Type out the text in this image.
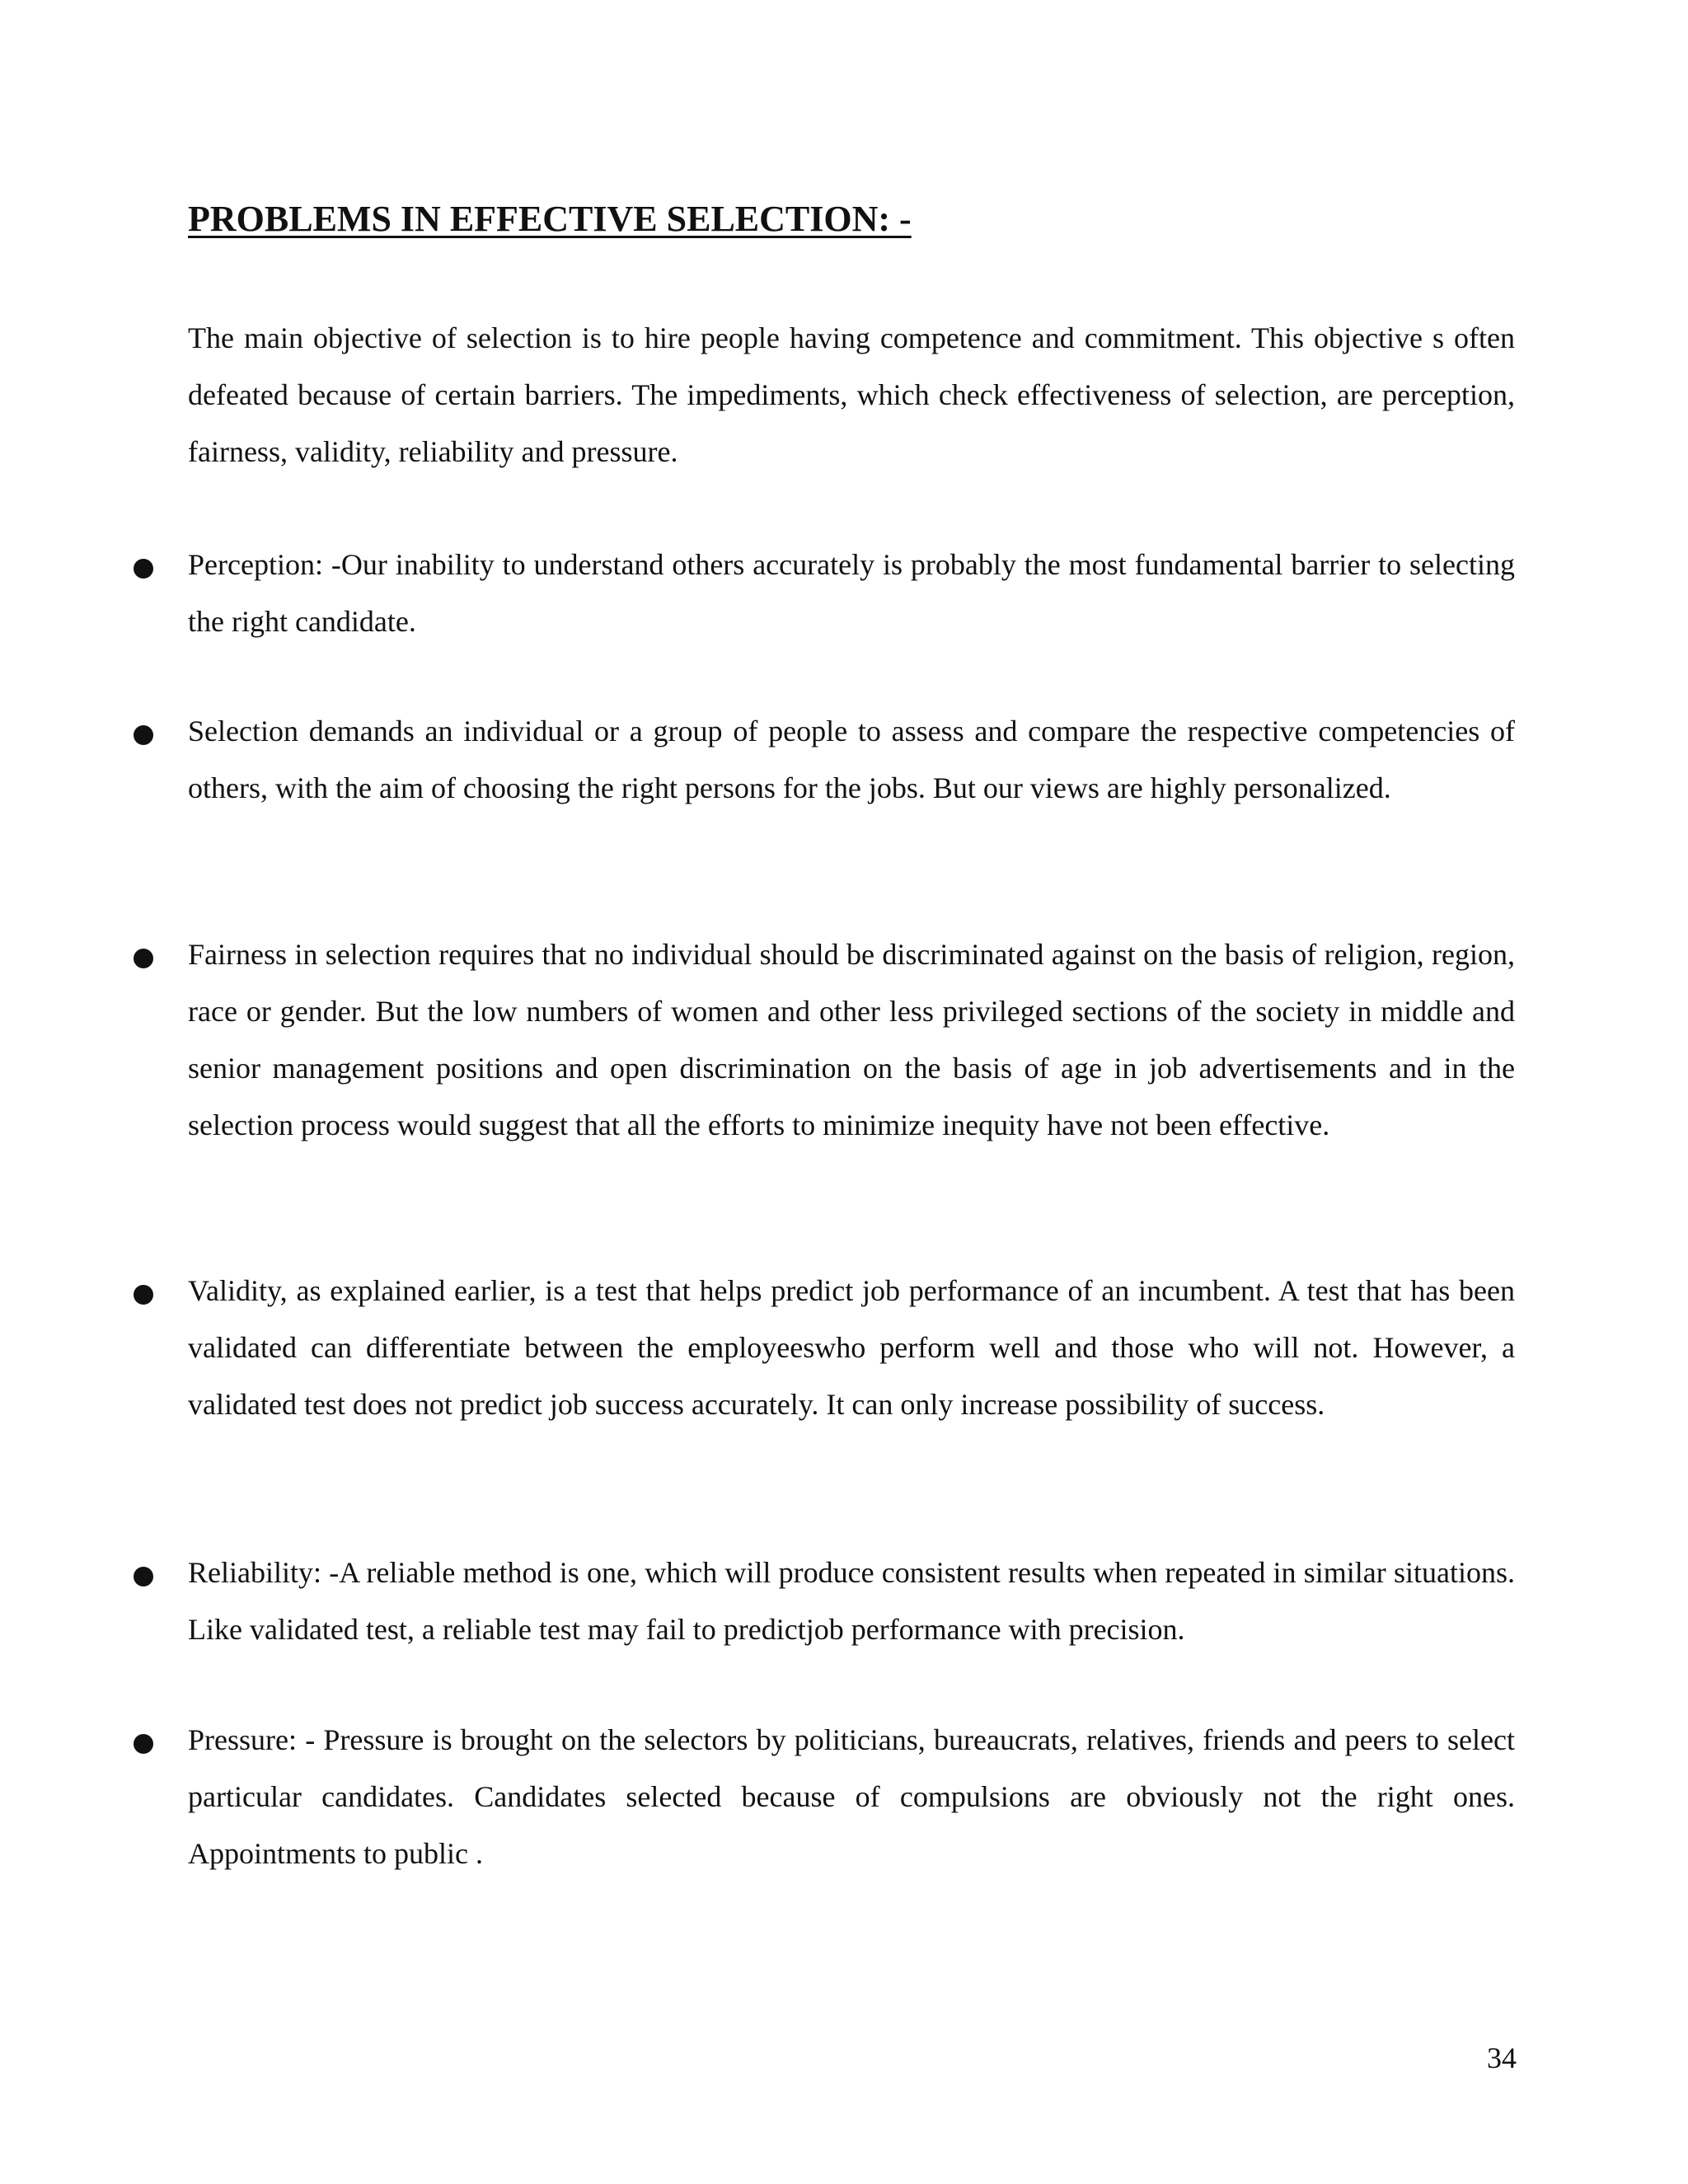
PROBLEMS IN EFFECTIVE SELECTION: -
The main objective of selection is to hire people having competence and commitment. This objective s often defeated because of certain barriers. The impediments, which check effectiveness of selection, are perception, fairness, validity, reliability and pressure.
Perception: -Our inability to understand others accurately is probably the most fundamental barrier to selecting the right candidate.
Selection demands an individual or a group of people to assess and compare the respective competencies of others, with the aim of choosing the right persons for the jobs. But our views are highly personalized.
Fairness in selection requires that no individual should be discriminated against on the basis of religion, region, race or gender. But the low numbers of women and other less privileged sections of the society in middle and senior management positions and open discrimination on the basis of age in job advertisements and in the selection process would suggest that all the efforts to minimize inequity have not been effective.
Validity, as explained earlier, is a test that helps predict job performance of an incumbent. A test that has been validated can differentiate between the employeeswho perform well and those who will not. However, a validated test does not predict job success accurately. It can only increase possibility of success.
Reliability: -A reliable method is one, which will produce consistent results when repeated in similar situations. Like validated test, a reliable test may fail to predictjob performance with precision.
Pressure: - Pressure is brought on the selectors by politicians, bureaucrats, relatives, friends and peers to select particular candidates. Candidates selected because of compulsions are obviously not the right ones. Appointments to public .
34
